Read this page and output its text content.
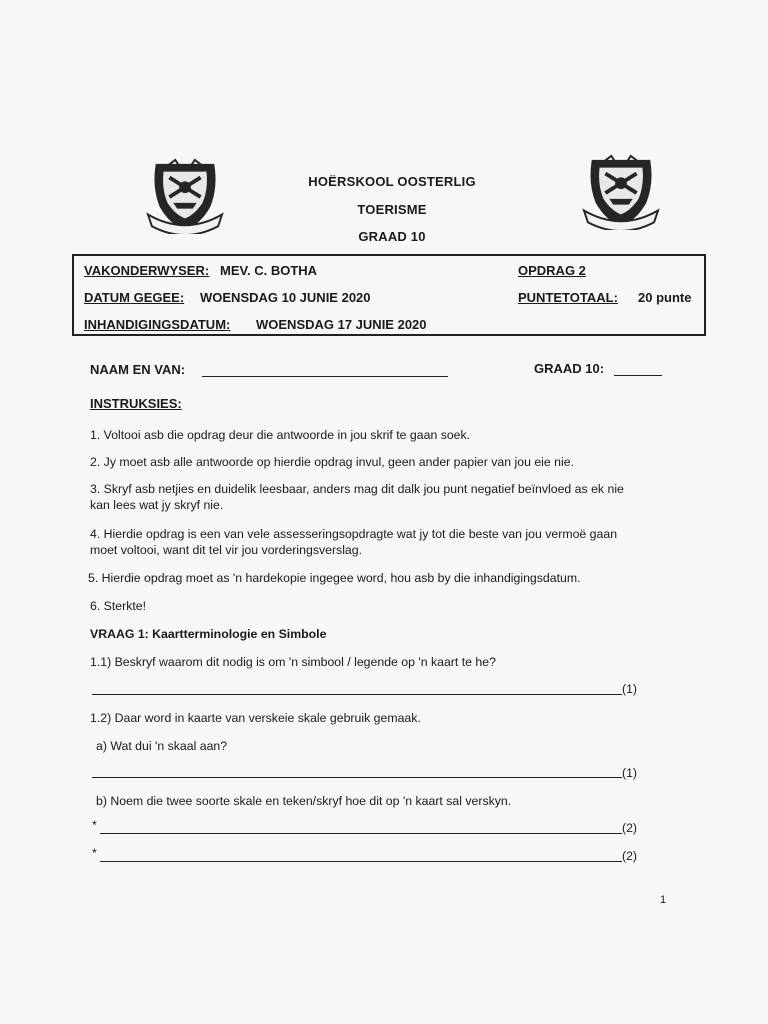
HOËRSKOOL OOSTERLIG
TOERISME
GRAAD 10
VAKONDERWYSER: MEV. C. BOTHA	OPDRAG 2
DATUM GEGEE: WOENSDAG 10 JUNIE 2020	PUNTETOTAAL: 20 punte
INHANDIGINGSDATUM: WOENSDAG 17 JUNIE 2020
NAAM EN VAN:	GRAAD 10:
INSTRUKSIES:
1. Voltooi asb die opdrag deur die antwoorde in jou skrif te gaan soek.
2. Jy moet asb alle antwoorde op hierdie opdrag invul, geen ander papier van jou eie nie.
3. Skryf asb netjies en duidelik leesbaar, anders mag dit dalk jou punt negatief beïnvloed as ek nie
kan lees wat jy skryf nie.
4. Hierdie opdrag is een van vele assesseringsopdragte wat jy tot die beste van jou vermoë gaan
moet voltooi, want dit tel vir jou vorderingsverslag.
5. Hierdie opdrag moet as 'n hardekopie ingegee word, hou asb by die inhandigingsdatum.
6. Sterkte!
VRAAG 1: Kaartterminologie en Simbole
1.1) Beskryf waarom dit nodig is om 'n simbool / legende op 'n kaart te he?
(1)
1.2) Daar word in kaarte van verskeie skale gebruik gemaak.
a) Wat dui 'n skaal aan?
(1)
b) Noem die twee soorte skale en teken/skryf hoe dit op 'n kaart sal verskyn.
*	(2)
*	(2)
1
